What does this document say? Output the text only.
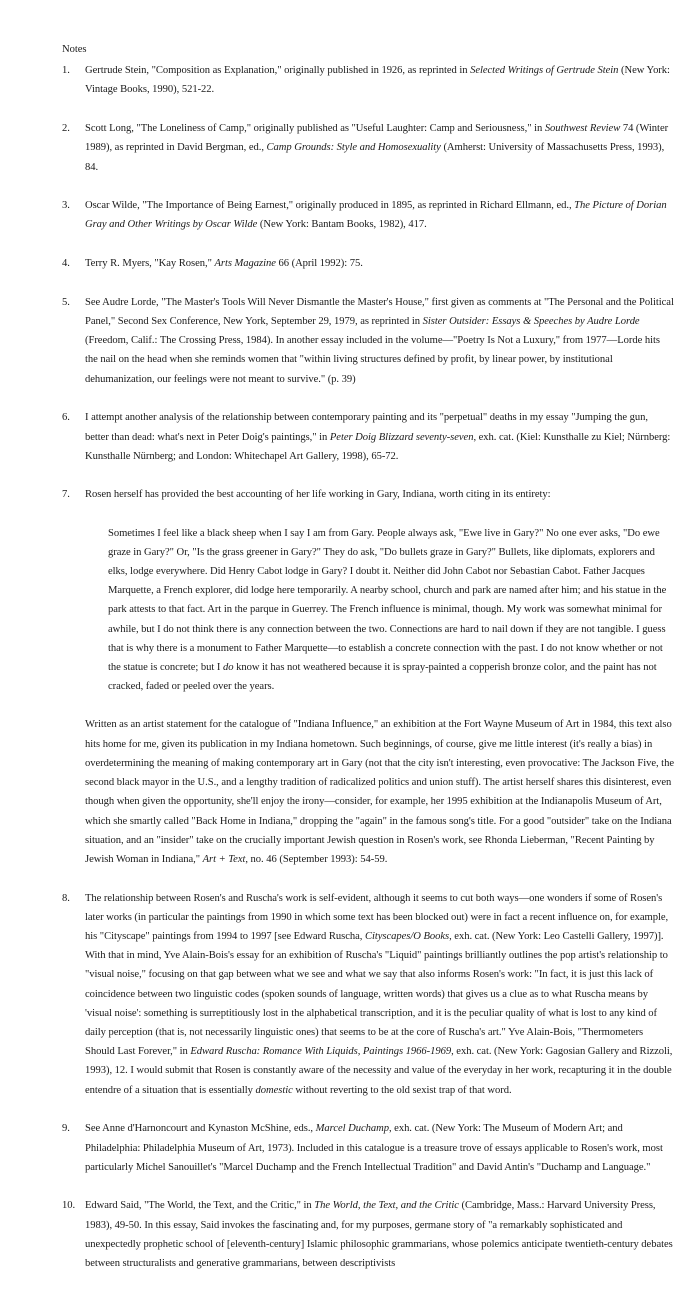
Notes
1.	Gertrude Stein, "Composition as Explanation," originally published in 1926, as reprinted in Selected Writings of Gertrude Stein (New York: Vintage Books, 1990), 521-22.
2.	Scott Long, "The Loneliness of Camp," originally published as "Useful Laughter: Camp and Seriousness," in Southwest Review 74 (Winter 1989), as reprinted in David Bergman, ed., Camp Grounds: Style and Homosexuality (Amherst: University of Massachusetts Press, 1993), 84.
3.	Oscar Wilde, "The Importance of Being Earnest," originally produced in 1895, as reprinted in Richard Ellmann, ed., The Picture of Dorian Gray and Other Writings by Oscar Wilde (New York: Bantam Books, 1982), 417.
4.	Terry R. Myers, "Kay Rosen," Arts Magazine 66 (April 1992): 75.
5.	See Audre Lorde, "The Master's Tools Will Never Dismantle the Master's House," first given as comments at "The Personal and the Political Panel," Second Sex Conference, New York, September 29, 1979, as reprinted in Sister Outsider: Essays & Speeches by Audre Lorde (Freedom, Calif.: The Crossing Press, 1984). In another essay included in the volume—"Poetry Is Not a Luxury," from 1977—Lorde hits the nail on the head when she reminds women that "within living structures defined by profit, by linear power, by institutional dehumanization, our feelings were not meant to survive." (p. 39)
6.	I attempt another analysis of the relationship between contemporary painting and its "perpetual" deaths in my essay "Jumping the gun, better than dead: what's next in Peter Doig's paintings," in Peter Doig Blizzard seventy-seven, exh. cat. (Kiel: Kunsthalle zu Kiel; Nürnberg: Kunsthalle Nürnberg; and London: Whitechapel Art Gallery, 1998), 65-72.
7.	Rosen herself has provided the best accounting of her life working in Gary, Indiana, worth citing in its entirety:
Sometimes I feel like a black sheep when I say I am from Gary. People always ask, "Ewe live in Gary?" No one ever asks, "Do ewe graze in Gary?" Or, "Is the grass greener in Gary?" They do ask, "Do bullets graze in Gary?" Bullets, like diplomats, explorers and elks, lodge everywhere. Did Henry Cabot lodge in Gary? I doubt it. Neither did John Cabot nor Sebastian Cabot. Father Jacques Marquette, a French explorer, did lodge here temporarily. A nearby school, church and park are named after him; and his statue in the park attests to that fact. Art in the parque in Guerrey. The French influence is minimal, though. My work was somewhat minimal for awhile, but I do not think there is any connection between the two. Connections are hard to nail down if they are not tangible. I guess that is why there is a monument to Father Marquette—to establish a concrete connection with the past. I do not know whether or not the statue is concrete; but I do know it has not weathered because it is spray-painted a copperish bronze color, and the paint has not cracked, faded or peeled over the years.
Written as an artist statement for the catalogue of "Indiana Influence," an exhibition at the Fort Wayne Museum of Art in 1984, this text also hits home for me, given its publication in my Indiana hometown. Such beginnings, of course, give me little interest (it's really a bias) in overdetermining the meaning of making contemporary art in Gary (not that the city isn't interesting, even provocative: The Jackson Five, the second black mayor in the U.S., and a lengthy tradition of radicalized politics and union stuff). The artist herself shares this disinterest, even though when given the opportunity, she'll enjoy the irony—consider, for example, her 1995 exhibition at the Indianapolis Museum of Art, which she smartly called "Back Home in Indiana," dropping the "again" in the famous song's title. For a good "outsider" take on the Indiana situation, and an "insider" take on the crucially important Jewish question in Rosen's work, see Rhonda Lieberman, "Recent Painting by Jewish Woman in Indiana," Art + Text, no. 46 (September 1993): 54-59.
8.	The relationship between Rosen's and Ruscha's work is self-evident, although it seems to cut both ways—one wonders if some of Rosen's later works (in particular the paintings from 1990 in which some text has been blocked out) were in fact a recent influence on, for example, his "Cityscape" paintings from 1994 to 1997 [see Edward Ruscha, Cityscapes/O Books, exh. cat. (New York: Leo Castelli Gallery, 1997)]. With that in mind, Yve Alain-Bois's essay for an exhibition of Ruscha's "Liquid" paintings brilliantly outlines the pop artist's relationship to "visual noise," focusing on that gap between what we see and what we say that also informs Rosen's work: "In fact, it is just this lack of coincidence between two linguistic codes (spoken sounds of language, written words) that gives us a clue as to what Ruscha means by 'visual noise': something is surreptitiously lost in the alphabetical transcription, and it is the peculiar quality of what is lost to any kind of daily perception (that is, not necessarily linguistic ones) that seems to be at the core of Ruscha's art." Yve Alain-Bois, "Thermometers Should Last Forever," in Edward Ruscha: Romance With Liquids, Paintings 1966-1969, exh. cat. (New York: Gagosian Gallery and Rizzoli, 1993), 12. I would submit that Rosen is constantly aware of the necessity and value of the everyday in her work, recapturing it in the double entendre of a situation that is essentially domestic without reverting to the old sexist trap of that word.
9.	See Anne d'Harnoncourt and Kynaston McShine, eds., Marcel Duchamp, exh. cat. (New York: The Museum of Modern Art; and Philadelphia: Philadelphia Museum of Art, 1973). Included in this catalogue is a treasure trove of essays applicable to Rosen's work, most particularly Michel Sanouillet's "Marcel Duchamp and the French Intellectual Tradition" and David Antin's "Duchamp and Language."
10. Edward Said, "The World, the Text, and the Critic," in The World, the Text, and the Critic (Cambridge, Mass.: Harvard University Press, 1983), 49-50. In this essay, Said invokes the fascinating and, for my purposes, germane story of "a remarkably sophisticated and unexpectedly prophetic school of [eleventh-century] Islamic philosophic grammarians, whose polemics anticipate twentieth-century debates between structuralists and generative grammarians, between descriptivists
